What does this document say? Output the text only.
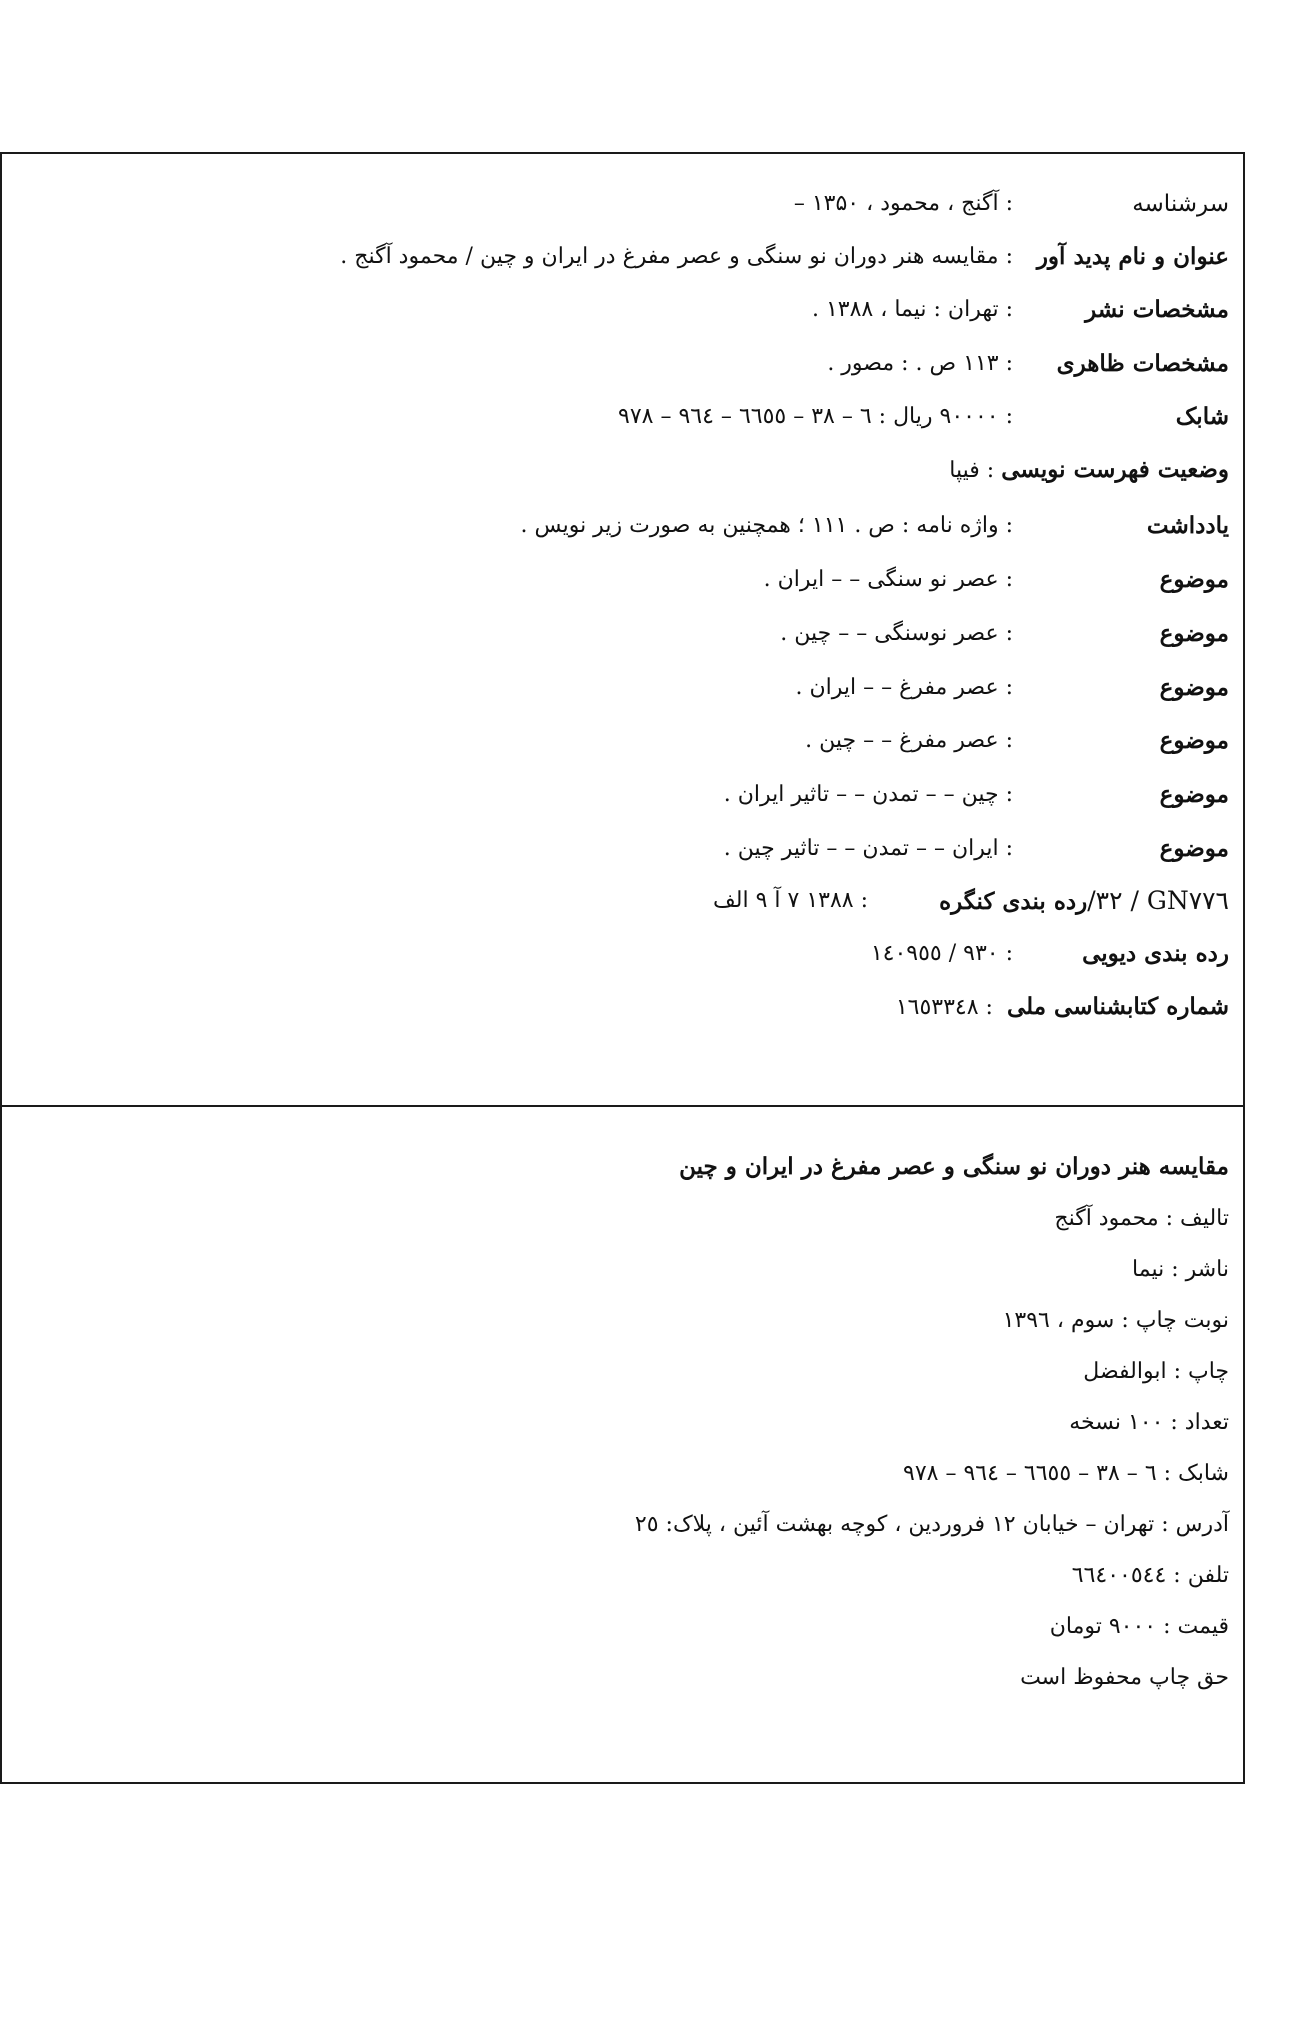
سرشناسه
: آگنج ، محمود ، ۱۳۵۰ –
عنوان و نام پدید آور
: مقایسه هنر دوران نو سنگی و عصر مفرغ در ایران و چین / محمود آگنج .
مشخصات نشر
: تهران : نیما ، ۱۳۸۸ .
مشخصات ظاهری
: ۱۱۳ ص . : مصور .
شابک
: ۹۰۰۰۰ ریال : ٦ – ۳۸ – ٦٦٥٥ – ۹٦٤ – ۹۷۸
وضعیت فهرست نویسی : فیپا
یادداشت
: واژه نامه : ص . ۱۱۱ ؛ همچنین به صورت زیر نویس .
موضوع
: عصر نو سنگی – – ایران .
موضوع
: عصر نوسنگی – – چین .
موضوع
: عصر مفرغ – – ایران .
موضوع
: عصر مفرغ – – چین .
موضوع
: چین – – تمدن – – تاثیر ایران .
موضوع
: ایران – – تمدن – – تاثیر چین .
GN۷۷٦ / ۳۲/رده بندی کنگره
: ۱۳۸۸ ۷ آ ۹ الف
رده بندی دیویی
: ۹۳۰ / ۱٤۰۹٥٥
شماره کتابشناسی ملی  : ۱٦٥۳۳٤۸
مقایسه هنر دوران نو سنگی و عصر مفرغ در ایران و چین
تالیف : محمود آگنج
ناشر : نیما
نوبت چاپ : سوم ، ۱۳۹٦
چاپ : ابوالفضل
تعداد : ۱۰۰ نسخه
شابک : ٦ – ۳۸ – ٦٦٥٥ – ۹٦٤ – ۹۷۸
آدرس : تهران – خیابان ۱۲ فروردین ، کوچه بهشت آئین ، پلاک: ۲٥
تلفن : ٦٦٤۰۰٥٤٤
قیمت : ۹۰۰۰ تومان
حق چاپ محفوظ است
